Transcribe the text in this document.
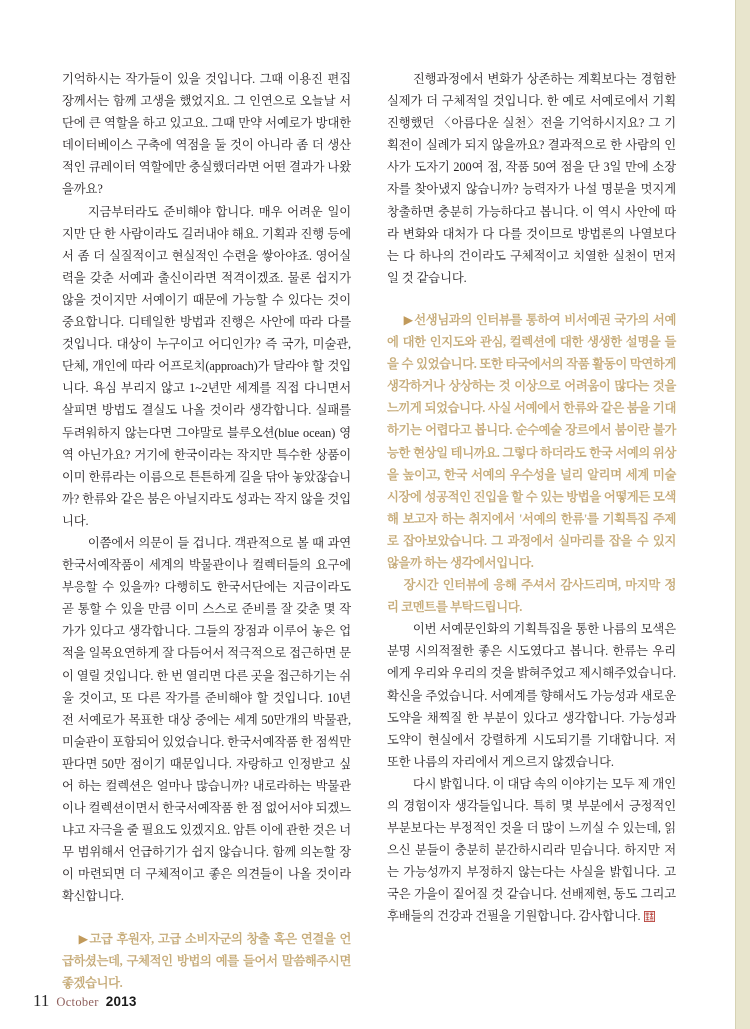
기억하시는 작가들이 있을 것입니다. 그때 이용진 편집장께서는 함께 고생을 했었지요. 그 인연으로 오늘날 서단에 큰 역할을 하고 있고요. 그때 만약 서예로가 방대한 데이터베이스 구축에 역점을 둘 것이 아니라 좀 더 생산적인 큐레이터 역할에만 충실했더라면 어떤 결과가 나왔을까요?

지금부터라도 준비해야 합니다. 매우 어려운 일이지만 단 한 사람이라도 길러내야 해요. 기획과 진행 등에서 좀 더 실질적이고 현실적인 수련을 쌓아야죠. 영어실력을 갖춘 서예과 출신이라면 적격이겠죠. 물론 쉽지가 않을 것이지만 서예이기 때문에 가능할 수 있다는 것이 중요합니다. 디테일한 방법과 진행은 사안에 따라 다를 것입니다. 대상이 누구이고 어디인가? 즉 국가, 미술관, 단체, 개인에 따라 어프로치(approach)가 달라야 할 것입니다. 욕심 부리지 않고 1~2년만 세계를 직접 다니면서 살피면 방법도 결실도 나올 것이라 생각합니다. 실패를 두려워하지 않는다면 그야말로 블루오션(blue ocean) 영역 아닌가요? 거기에 한국이라는 작지만 특수한 상품이 이미 한류라는 이름으로 튼튼하게 길을 닦아 놓았잖습니까? 한류와 같은 붐은 아닐지라도 성과는 작지 않을 것입니다.

이쯤에서 의문이 들 겁니다. 객관적으로 볼 때 과연 한국서예작품이 세계의 박물관이나 컬렉터들의 요구에 부응할 수 있을까? 다행히도 한국서단에는 지금이라도 곧 통할 수 있을 만큼 이미 스스로 준비를 잘 갖춘 몇 작가가 있다고 생각합니다. 그들의 장점과 이루어 놓은 업적을 일목요연하게 잘 다듬어서 적극적으로 접근하면 문이 열릴 것입니다. 한 번 열리면 다른 곳을 접근하기는 쉬울 것이고, 또 다른 작가를 준비해야 할 것입니다. 10년 전 서예로가 목표한 대상 중에는 세계 50만개의 박물관, 미술관이 포함되어 있었습니다. 한국서예작품 한 점씩만 판다면 50만 점이기 때문입니다. 자랑하고 인정받고 싶어 하는 컬렉션은 얼마나 많습니까? 내로라하는 박물관이나 컬렉션이면서 한국서예작품 한 점 없어서야 되겠느냐고 자극을 줄 필요도 있겠지요. 암튼 이에 관한 것은 너무 범위해서 언급하기가 쉽지 않습니다. 함께 의논할 장이 마련되면 더 구체적이고 좋은 의견들이 나올 것이라 확신합니다.

▶고급 후원자, 고급 소비자군의 창출 혹은 연결을 언급하셨는데, 구체적인 방법의 예를 들어서 말씀해주시면 좋겠습니다.

진행과정에서 변화가 상존하는 계획보다는 경험한 실제가 더 구체적일 것입니다. 한 예로 서예로에서 기획 진행했던 〈아름다운 실천〉전을 기억하시지요? 그 기획전이 실례가 되지 않을까요? 결과적으로 한 사람의 인사가 도자기 200여 점, 작품 50여 점을 단 3일 만에 소장자를 찾아냈지 않습니까? 능력자가 나설 명분을 멋지게 창출하면 충분히 가능하다고 봅니다. 이 역시 사안에 따라 변화와 대처가 다 다를 것이므로 방법론의 나열보다는 다 하나의 건이라도 구체적이고 치열한 실천이 먼저일 것 같습니다.

▶선생님과의 인터뷰를 통하여 비서예권 국가의 서예에 대한 인지도와 관심, 컬렉션에 대한 생생한 설명을 들을 수 있었습니다. 또한 타국에서의 작품 활동이 막연하게 생각하거나 상상하는 것 이상으로 어려움이 많다는 것을 느끼게 되었습니다. 사실 서예에서 한류와 같은 붐을 기대하기는 어렵다고 봅니다. 순수예술 장르에서 붐이란 불가능한 현상일 테니까요. 그렇다 하더라도 한국 서예의 위상을 높이고, 한국 서예의 우수성을 널리 알리며 세계 미술시장에 성공적인 진입을 할 수 있는 방법을 어떻게든 모색해 보고자 하는 취지에서 '서예의 한류'를 기획특집 주제로 잡아보았습니다. 그 과정에서 실마리를 잡을 수 있지 않을까 하는 생각에서입니다.

장시간 인터뷰에 응해 주셔서 감사드리며, 마지막 정리 코멘트를 부탁드립니다.

이번 서예문인화의 기획특집을 통한 나름의 모색은 분명 시의적절한 좋은 시도였다고 봅니다. 한류는 우리에게 우리와 우리의 것을 밝혀주었고 제시해주었습니다. 확신을 주었습니다. 서예계를 향해서도 가능성과 새로운 도약을 채찍질 한 부분이 있다고 생각합니다. 가능성과 도약이 현실에서 강렬하게 시도되기를 기대합니다. 저 또한 나름의 자리에서 게으르지 않겠습니다.

다시 밝힙니다. 이 대담 속의 이야기는 모두 제 개인의 경험이자 생각들입니다. 특히 몇 부분에서 긍정적인 부분보다는 부정적인 것을 더 많이 느끼실 수 있는데, 읽으신 분들이 충분히 분간하시리라 믿습니다. 하지만 저는 가능성까지 부정하지 않는다는 사실을 밝힙니다. 고국은 가을이 짙어질 것 같습니다. 선배제현, 동도 그리고 후배들의 건강과 건필을 기원합니다. 감사합니다.

11 October 2013
